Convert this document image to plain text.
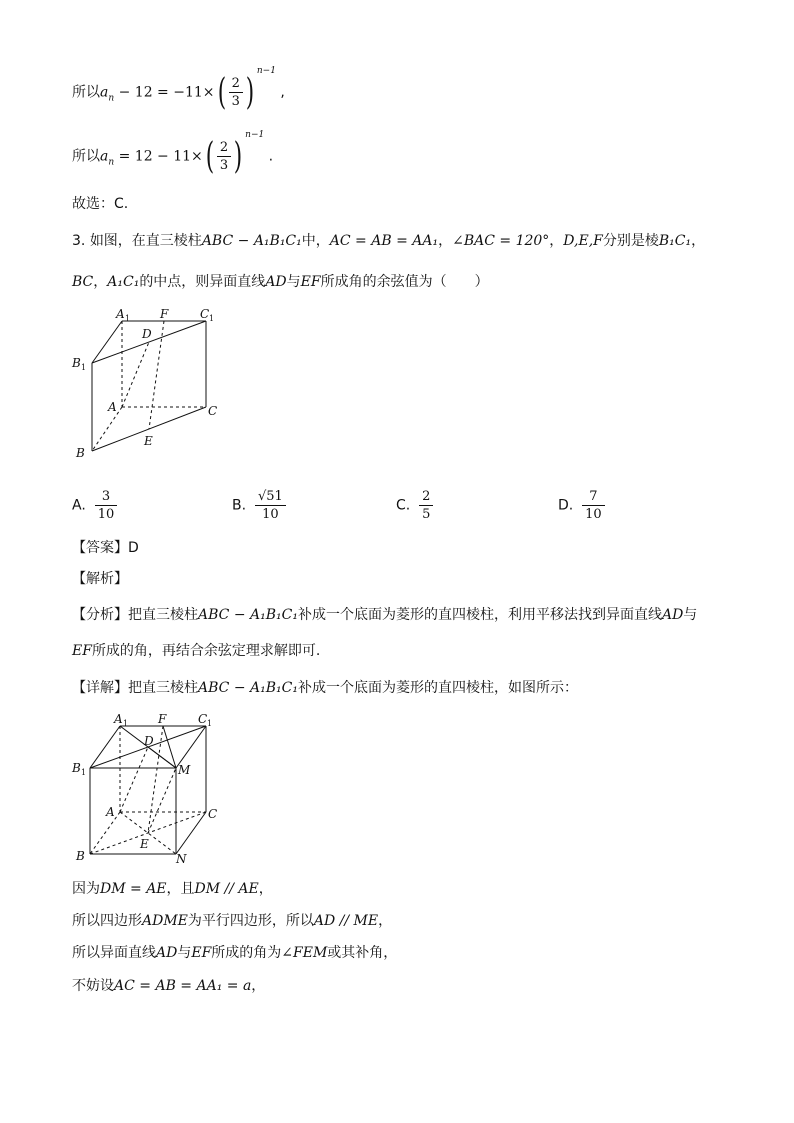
所以$a_n - 12 = -11\times( \frac{2}{3} )^{n-1}$ ,
所以$a_n = 12 - 11\times( \frac{2}{3} )^{n-1}$ .
故选：C.
3. 如图，在直三棱柱ABC − A₁B₁C₁中，AC = AB = AA₁，∠BAC = 120°，D,E,F分别是棱B₁C₁，
BC，A₁C₁的中点，则异面直线AD与EF所成角的余弦值为（　　）
A 1 F	C 1
D
B 1
A	C
E
B
A. $\frac{3}{10}$	B. $\frac{√51}{10}$	C. $\frac{2}{5}$	D. $\frac{7}{10}$
【答案】D
【解析】
【分析】把直三棱柱ABC − A₁B₁C₁补成一个底面为菱形的直四棱柱，利用平移法找到异面直线AD与
EF所成的角，再结合余弦定理求解即可.
【详解】把直三棱柱ABC − A₁B₁C₁补成一个底面为菱形的直四棱柱，如图所示：
A 1 F	C 1
D
B 1	M
A	C
E
B	N
因为DM = AE，且DM // AE，
所以四边形ADME为平行四边形，所以AD // ME，
所以异面直线AD与EF所成的角为∠FEM或其补角，
不妨设AC = AB = AA₁ = a，
